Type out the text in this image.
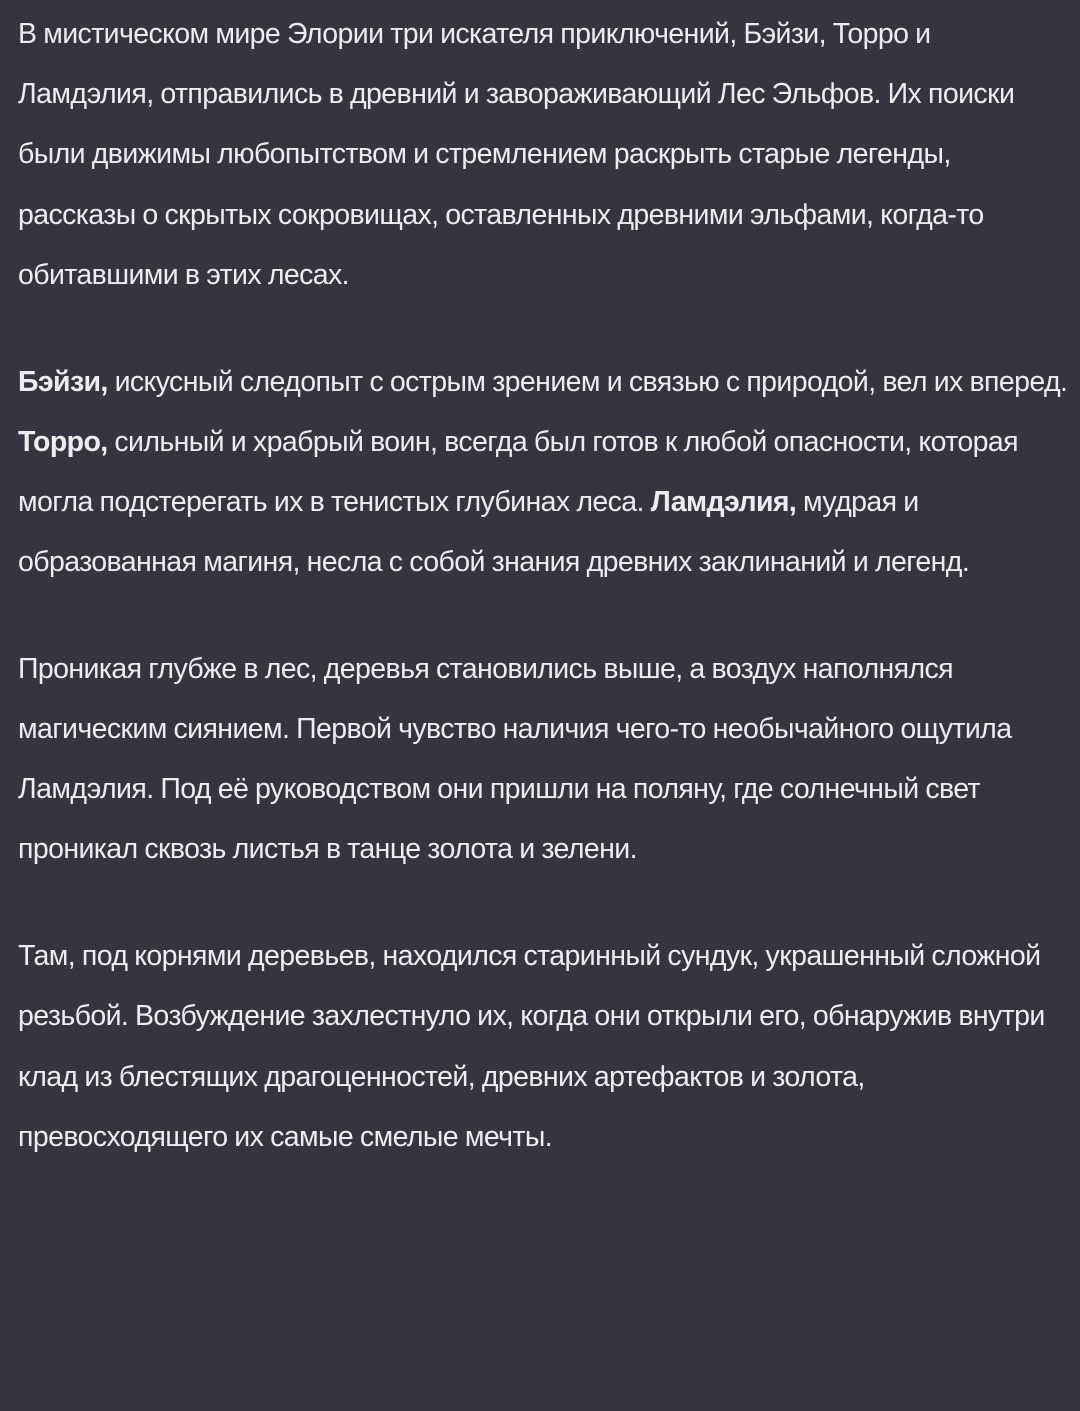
В мистическом мире Элории три искателя приключений, Бэйзи, Торро и Ламдэлия, отправились в древний и завораживающий Лес Эльфов. Их поиски были движимы любопытством и стремлением раскрыть старые легенды, рассказы о скрытых сокровищах, оставленных древними эльфами, когда-то обитавшими в этих лесах.

Бэйзи, искусный следопыт с острым зрением и связью с природой, вел их вперед. Торро, сильный и храбрый воин, всегда был готов к любой опасности, которая могла подстерегать их в тенистых глубинах леса. Ламдэлия, мудрая и образованная магиня, несла с собой знания древних заклинаний и легенд.

Проникая глубже в лес, деревья становились выше, а воздух наполнялся магическим сиянием. Первой чувство наличия чего-то необычайного ощутила Ламдэлия. Под её руководством они пришли на поляну, где солнечный свет проникал сквозь листья в танце золота и зелени.

Там, под корнями деревьев, находился старинный сундук, украшенный сложной резьбой. Возбуждение захлестнуло их, когда они открыли его, обнаружив внутри клад из блестящих драгоценностей, древних артефактов и золота, превосходящего их самые смелые мечты.
